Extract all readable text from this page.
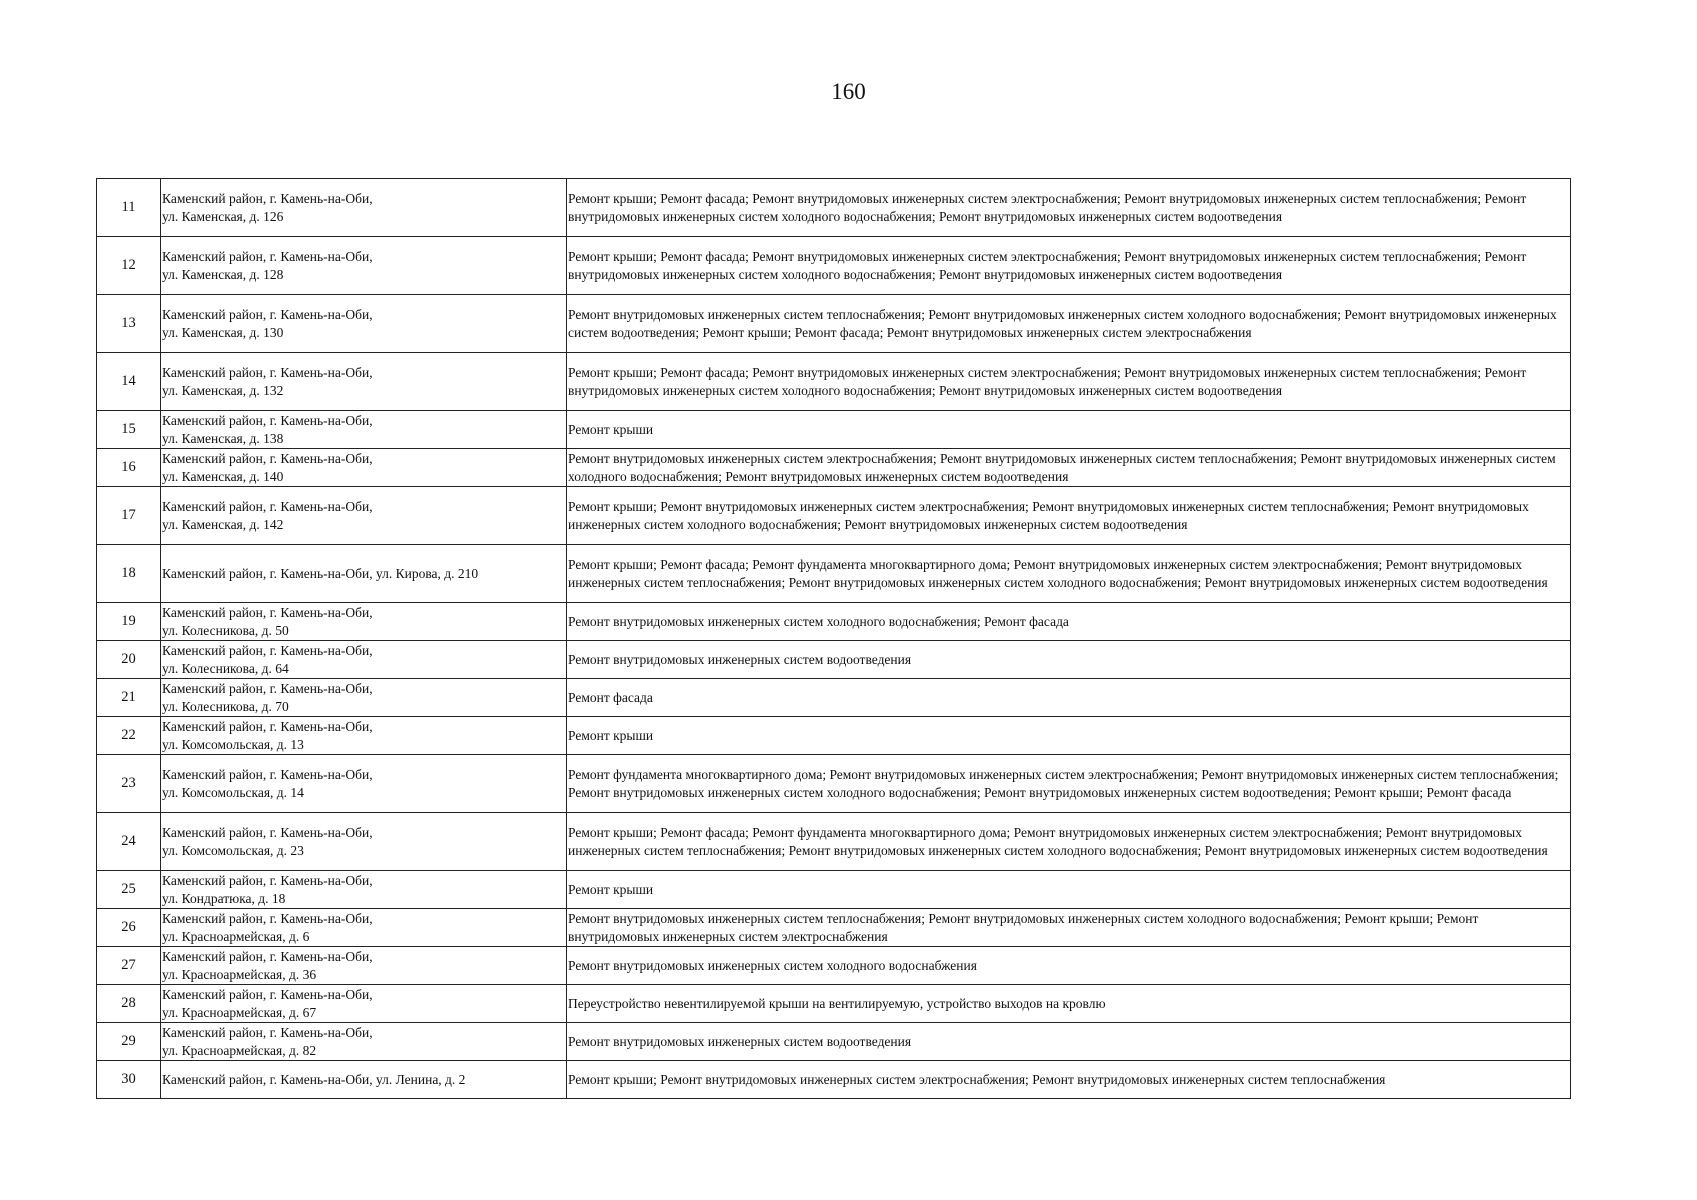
160
11	Каменский район, г. Камень-на-Оби,
ул. Каменская, д. 126	Ремонт крыши; Ремонт фасада; Ремонт внутридомовых инженерных систем электроснабжения; Ремонт внутридомовых инженерных систем теплоснабжения; Ремонт внутридомовых инженерных систем холодного водоснабжения; Ремонт внутридомовых инженерных систем водоотведения
12	Каменский район, г. Камень-на-Оби,
ул. Каменская, д. 128	Ремонт крыши; Ремонт фасада; Ремонт внутридомовых инженерных систем электроснабжения; Ремонт внутридомовых инженерных систем теплоснабжения; Ремонт внутридомовых инженерных систем холодного водоснабжения; Ремонт внутридомовых инженерных систем водоотведения
13	Каменский район, г. Камень-на-Оби,
ул. Каменская, д. 130	Ремонт внутридомовых инженерных систем теплоснабжения; Ремонт внутридомовых инженерных систем холодного водоснабжения; Ремонт внутридомовых инженерных систем водоотведения; Ремонт крыши; Ремонт фасада; Ремонт внутридомовых инженерных систем электроснабжения
14	Каменский район, г. Камень-на-Оби,
ул. Каменская, д. 132	Ремонт крыши; Ремонт фасада; Ремонт внутридомовых инженерных систем электроснабжения; Ремонт внутридомовых инженерных систем теплоснабжения; Ремонт внутридомовых инженерных систем холодного водоснабжения; Ремонт внутридомовых инженерных систем водоотведения
15	Каменский район, г. Камень-на-Оби,
ул. Каменская, д. 138	Ремонт крыши
16	Каменский район, г. Камень-на-Оби,
ул. Каменская, д. 140	Ремонт внутридомовых инженерных систем электроснабжения; Ремонт внутридомовых инженерных систем теплоснабжения; Ремонт внутридомовых инженерных систем холодного водоснабжения; Ремонт внутридомовых инженерных систем водоотведения
17	Каменский район, г. Камень-на-Оби,
ул. Каменская, д. 142	Ремонт крыши; Ремонт внутридомовых инженерных систем электроснабжения; Ремонт внутридомовых инженерных систем теплоснабжения; Ремонт внутридомовых инженерных систем холодного водоснабжения; Ремонт внутридомовых инженерных систем водоотведения
18	Каменский район, г. Камень-на-Оби, ул. Кирова, д. 210	Ремонт крыши; Ремонт фасада; Ремонт фундамента многоквартирного дома; Ремонт внутридомовых инженерных систем электроснабжения; Ремонт внутридомовых инженерных систем теплоснабжения; Ремонт внутридомовых инженерных систем холодного водоснабжения; Ремонт внутридомовых инженерных систем водоотведения
19	Каменский район, г. Камень-на-Оби,
ул. Колесникова, д. 50	Ремонт внутридомовых инженерных систем холодного водоснабжения; Ремонт фасада
20	Каменский район, г. Камень-на-Оби,
ул. Колесникова, д. 64	Ремонт внутридомовых инженерных систем водоотведения
21	Каменский район, г. Камень-на-Оби,
ул. Колесникова, д. 70	Ремонт фасада
22	Каменский район, г. Камень-на-Оби,
ул. Комсомольская, д. 13	Ремонт крыши
23	Каменский район, г. Камень-на-Оби,
ул. Комсомольская, д. 14	Ремонт фундамента многоквартирного дома; Ремонт внутридомовых инженерных систем электроснабжения; Ремонт внутридомовых инженерных систем теплоснабжения; Ремонт внутридомовых инженерных систем холодного водоснабжения; Ремонт внутридомовых инженерных систем водоотведения; Ремонт крыши; Ремонт фасада
24	Каменский район, г. Камень-на-Оби,
ул. Комсомольская, д. 23	Ремонт крыши; Ремонт фасада; Ремонт фундамента многоквартирного дома; Ремонт внутридомовых инженерных систем электроснабжения; Ремонт внутридомовых инженерных систем теплоснабжения; Ремонт внутридомовых инженерных систем холодного водоснабжения; Ремонт внутридомовых инженерных систем водоотведения
25	Каменский район, г. Камень-на-Оби,
ул. Кондратюка, д. 18	Ремонт крыши
26	Каменский район, г. Камень-на-Оби,
ул. Красноармейская, д. 6	Ремонт внутридомовых инженерных систем теплоснабжения; Ремонт внутридомовых инженерных систем холодного водоснабжения; Ремонт крыши; Ремонт внутридомовых инженерных систем электроснабжения
27	Каменский район, г. Камень-на-Оби,
ул. Красноармейская, д. 36	Ремонт внутридомовых инженерных систем холодного водоснабжения
28	Каменский район, г. Камень-на-Оби,
ул. Красноармейская, д. 67	Переустройство невентилируемой крыши на вентилируемую, устройство выходов на кровлю
29	Каменский район, г. Камень-на-Оби,
ул. Красноармейская, д. 82	Ремонт внутридомовых инженерных систем водоотведения
30	Каменский район, г. Камень-на-Оби, ул. Ленина, д. 2	Ремонт крыши; Ремонт внутридомовых инженерных систем электроснабжения; Ремонт внутридомовых инженерных систем теплоснабжения
